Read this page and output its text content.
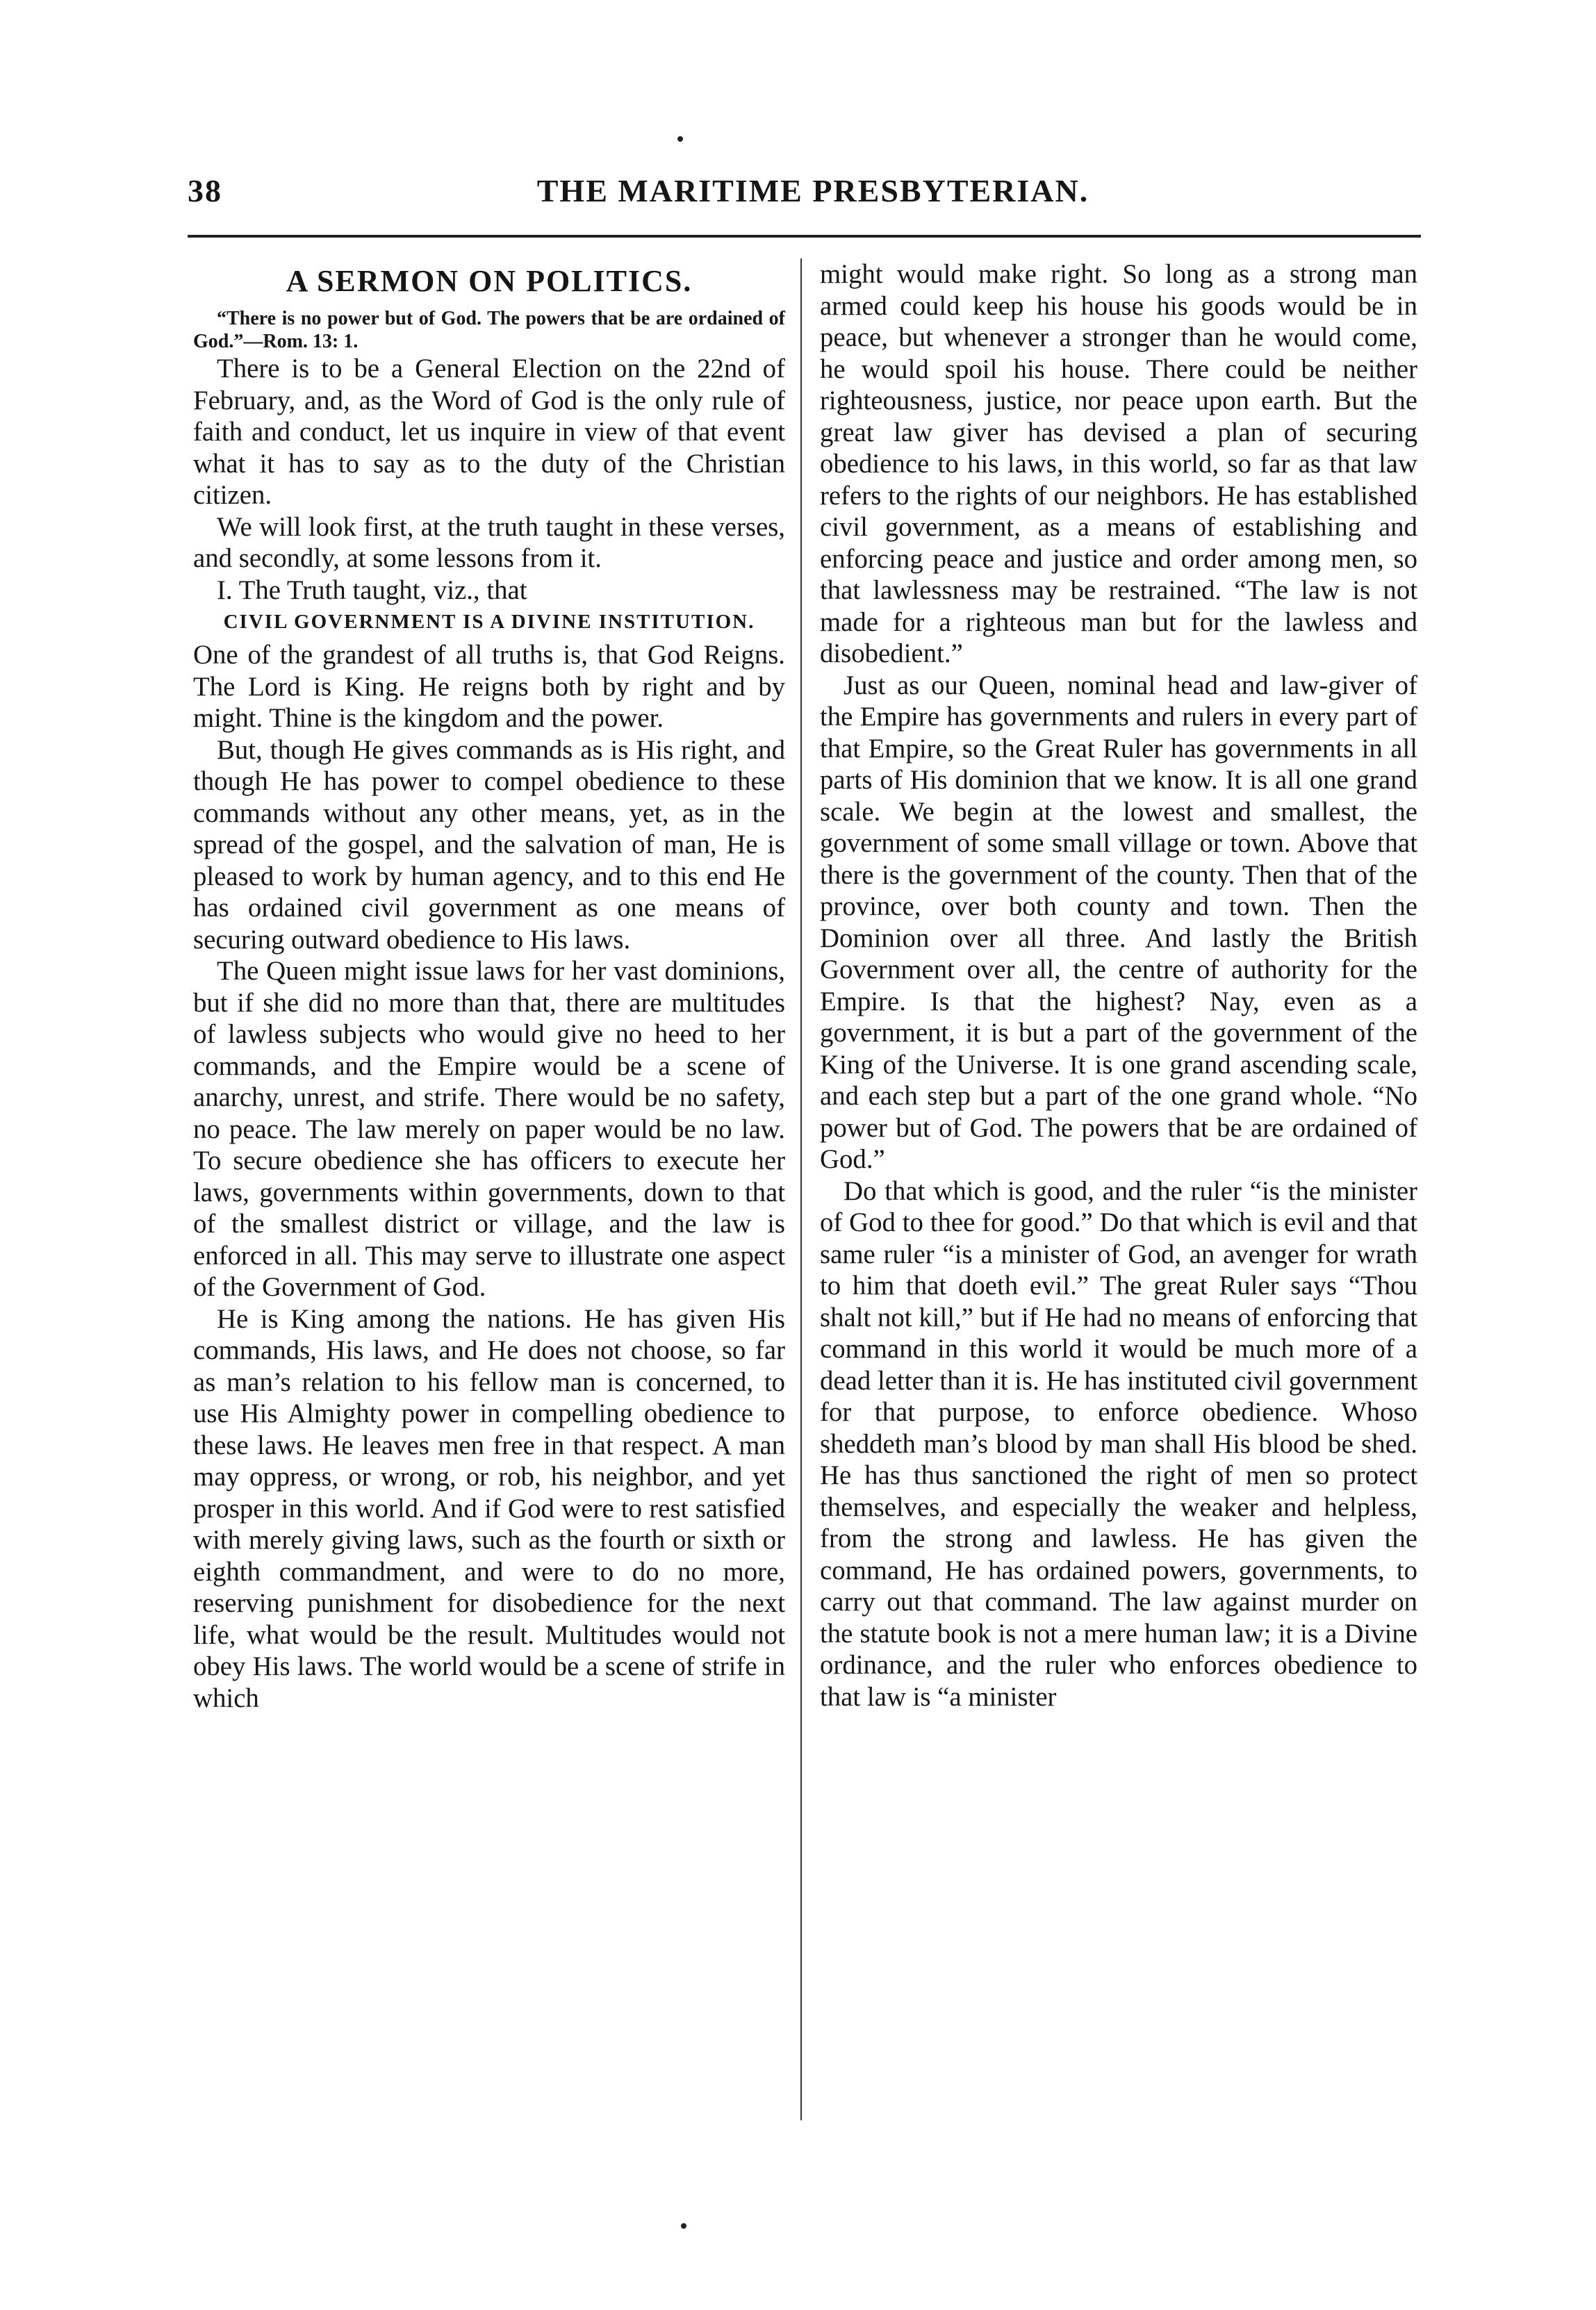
38	THE MARITIME PRESBYTERIAN.
A SERMON ON POLITICS.

“There is no power but of God. The powers that be are ordained of God.”—Rom. 13: 1.

There is to be a General Election on the 22nd of February, and, as the Word of God is the only rule of faith and conduct, let us inquire in view of that event what it has to say as to the duty of the Christian citizen.

We will look first, at the truth taught in these verses, and secondly, at some lessons from it.

I. The Truth taught, viz., that

CIVIL GOVERNMENT IS A DIVINE INSTITUTION.

One of the grandest of all truths is, that God Reigns. The Lord is King. He reigns both by right and by might. Thine is the kingdom and the power.

But, though He gives commands as is His right, and though He has power to compel obedience to these commands without any other means, yet, as in the spread of the gospel, and the salvation of man, He is pleased to work by human agency, and to this end He has ordained civil government as one means of securing outward obedience to His laws.

The Queen might issue laws for her vast dominions, but if she did no more than that, there are multitudes of lawless subjects who would give no heed to her commands, and the Empire would be a scene of anarchy, unrest, and strife. There would be no safety, no peace. The law merely on paper would be no law. To secure obedience she has officers to execute her laws, governments within governments, down to that of the smallest district or village, and the law is enforced in all. This may serve to illustrate one aspect of the Government of God.

He is King among the nations. He has given His commands, His laws, and He does not choose, so far as man’s relation to his fellow man is concerned, to use His Almighty power in compelling obedience to these laws. He leaves men free in that respect. A man may oppress, or wrong, or rob, his neighbor, and yet prosper in this world. And if God were to rest satisfied with merely giving laws, such as the fourth or sixth or eighth commandment, and were to do no more, reserving punishment for disobedience for the next life, what would be the result. Multitudes would not obey His laws. The world would be a scene of strife in which

might would make right. So long as a strong man armed could keep his house his goods would be in peace, but whenever a stronger than he would come, he would spoil his house. There could be neither righteousness, justice, nor peace upon earth. But the great law giver has devised a plan of securing obedience to his laws, in this world, so far as that law refers to the rights of our neighbors. He has established civil government, as a means of establishing and enforcing peace and justice and order among men, so that lawlessness may be restrained. “The law is not made for a righteous man but for the lawless and disobedient.”

Just as our Queen, nominal head and law-giver of the Empire has governments and rulers in every part of that Empire, so the Great Ruler has governments in all parts of His dominion that we know. It is all one grand scale. We begin at the lowest and smallest, the government of some small village or town. Above that there is the government of the county. Then that of the province, over both county and town. Then the Dominion over all three. And lastly the British Government over all, the centre of authority for the Empire. Is that the highest? Nay, even as a government, it is but a part of the government of the King of the Universe. It is one grand ascending scale, and each step but a part of the one grand whole. “No power but of God. The powers that be are ordained of God.”

Do that which is good, and the ruler “is the minister of God to thee for good.” Do that which is evil and that same ruler “is a minister of God, an avenger for wrath to him that doeth evil.” The great Ruler says “Thou shalt not kill,” but if He had no means of enforcing that command in this world it would be much more of a dead letter than it is. He has instituted civil government for that purpose, to enforce obedience. Whoso sheddeth man’s blood by man shall His blood be shed. He has thus sanctioned the right of men so protect themselves, and especially the weaker and helpless, from the strong and lawless. He has given the command, He has ordained powers, governments, to carry out that command. The law against murder on the statute book is not a mere human law; it is a Divine ordinance, and the ruler who enforces obedience to that law is “a minister
